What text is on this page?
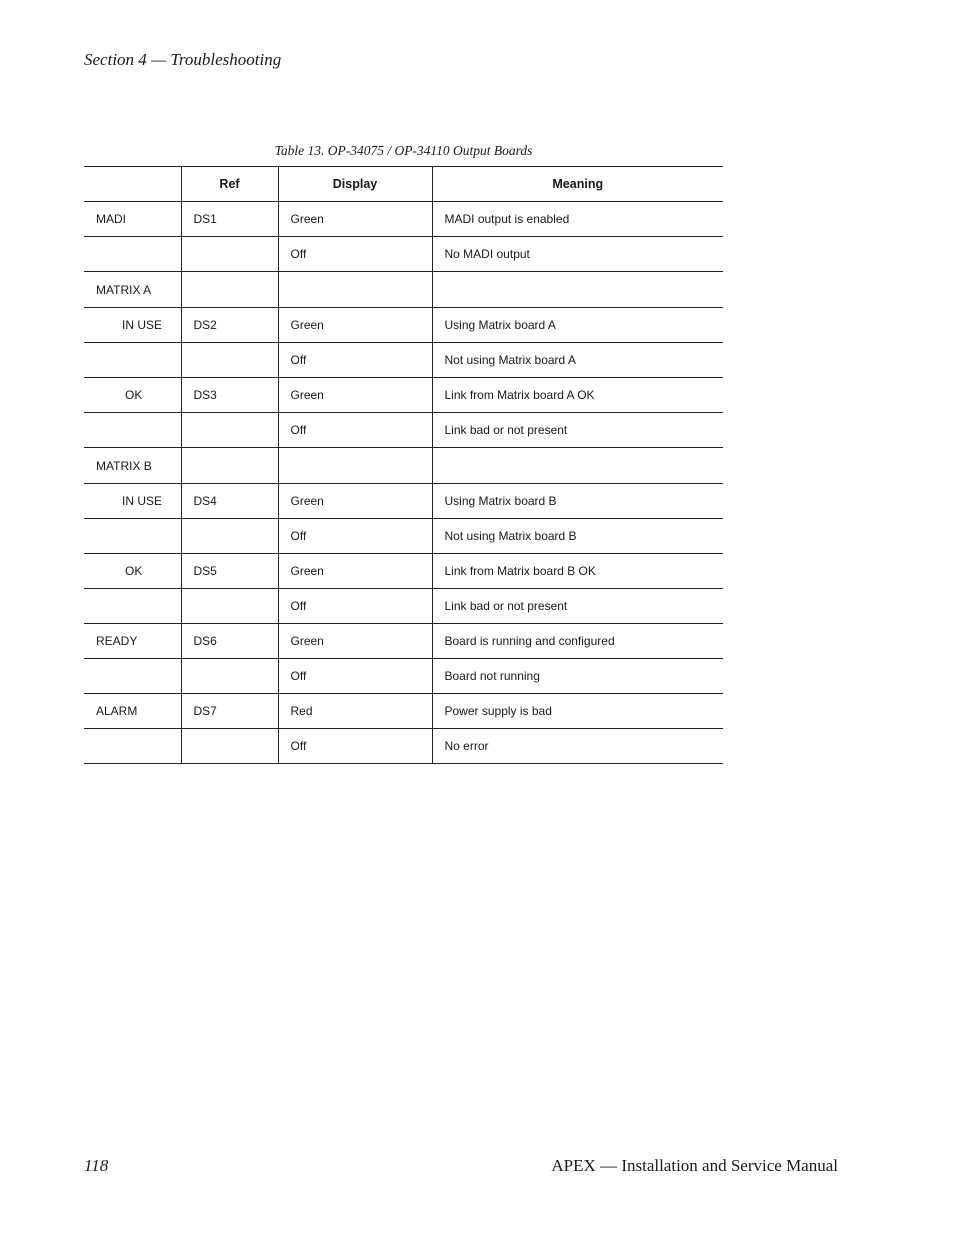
Section 4 — Troubleshooting
Table 13. OP-34075 / OP-34110 Output Boards
	Ref	Display	Meaning
MADI	DS1	Green	MADI output is enabled
		Off	No MADI output
MATRIX A			
IN USE	DS2	Green	Using Matrix board A
		Off	Not using Matrix board A
OK	DS3	Green	Link from Matrix board A OK
		Off	Link bad or not present
MATRIX B			
IN USE	DS4	Green	Using Matrix board B
		Off	Not using Matrix board B
OK	DS5	Green	Link from Matrix board B OK
		Off	Link bad or not present
READY	DS6	Green	Board is running and configured
		Off	Board not running
ALARM	DS7	Red	Power supply is bad
		Off	No error
118	APEX — Installation and Service Manual
